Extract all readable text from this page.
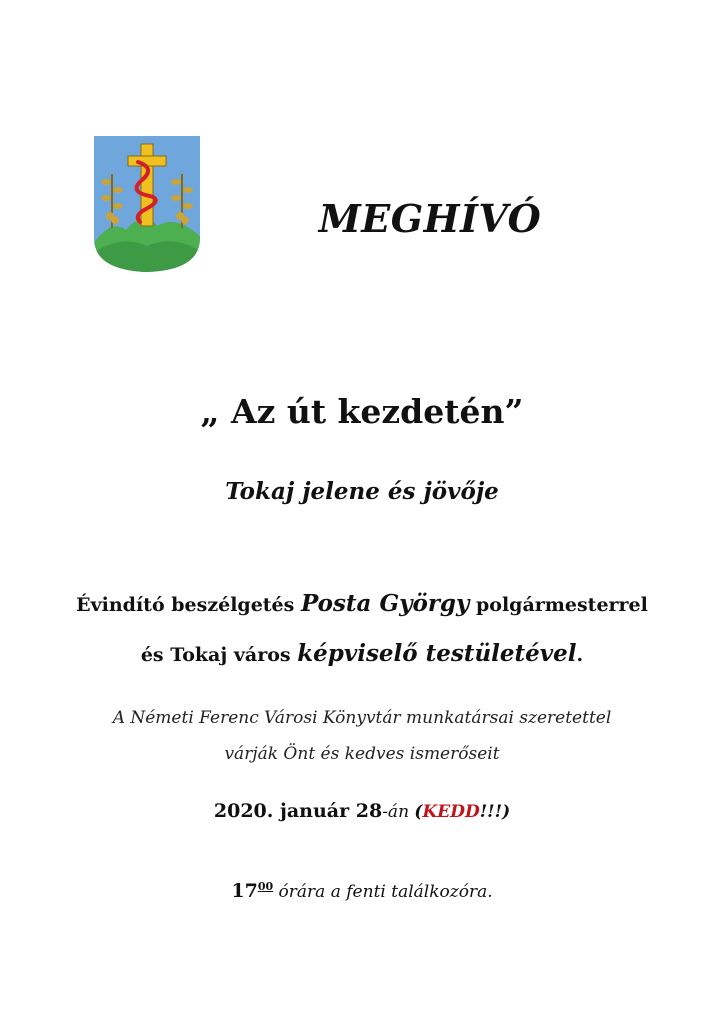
MEGHÍVÓ
„ Az út kezdetén”
Tokaj jelene és jövője
Évindító beszélgetés Posta György polgármesterrel
és Tokaj város képviselő testületével.
A Németi Ferenc Városi Könyvtár munkatársai szeretettel
várják Önt és kedves ismerőseit
2020. január 28-án (KEDD!!!)
$17^{00}$ órára a fenti találkozóra.
